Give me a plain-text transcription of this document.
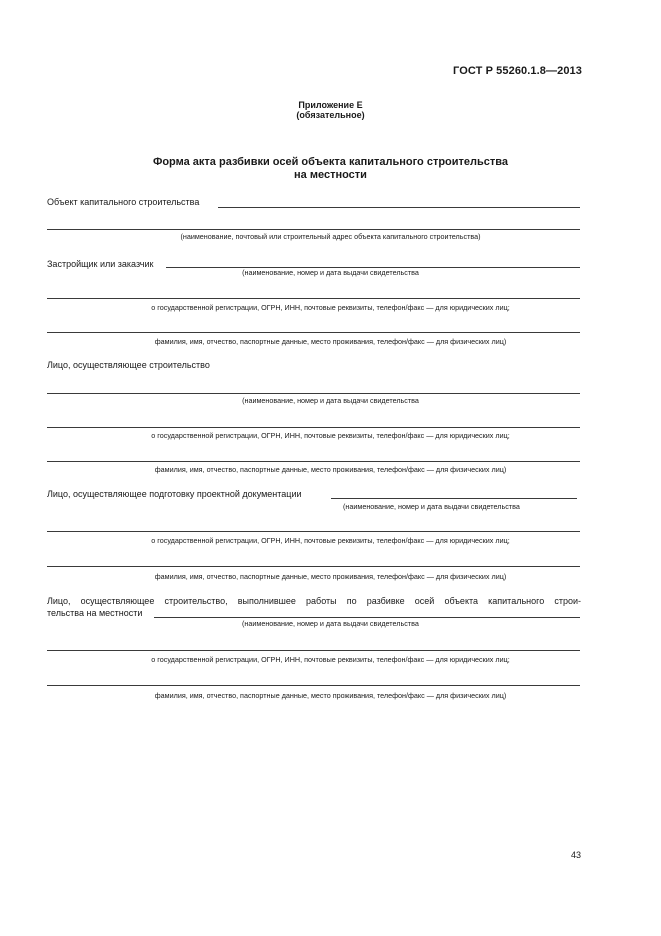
ГОСТ Р 55260.1.8—2013
Приложение Е
(обязательное)
Форма акта разбивки осей объекта капитального строительства
на местности
Объект капитального строительства
(наименование, почтовый или строительный адрес объекта капитального строительства)
Застройщик или заказчик
(наименование, номер и дата выдачи свидетельства
о государственной регистрации, ОГРН, ИНН, почтовые реквизиты, телефон/факс — для юридических лиц;
фамилия, имя, отчество, паспортные данные, место проживания, телефон/факс — для физических лиц)
Лицо, осуществляющее строительство
(наименование, номер и дата выдачи свидетельства
о государственной регистрации, ОГРН, ИНН, почтовые реквизиты, телефон/факс — для юридических лиц;
фамилия, имя, отчество, паспортные данные, место проживания, телефон/факс — для физических лиц)
Лицо, осуществляющее подготовку проектной документации
(наименование, номер и дата выдачи свидетельства
о государственной регистрации, ОГРН, ИНН, почтовые реквизиты, телефон/факс — для юридических лиц;
фамилия, имя, отчество, паспортные данные, место проживания, телефон/факс — для физических лиц)
Лицо, осуществляющее строительство, выполнившее работы по разбивке осей объекта капитального строи-
тельства на местности
(наименование, номер и дата выдачи свидетельства
о государственной регистрации, ОГРН, ИНН, почтовые реквизиты, телефон/факс — для юридических лиц;
фамилия, имя, отчество, паспортные данные, место проживания, телефон/факс — для физических лиц)
43
